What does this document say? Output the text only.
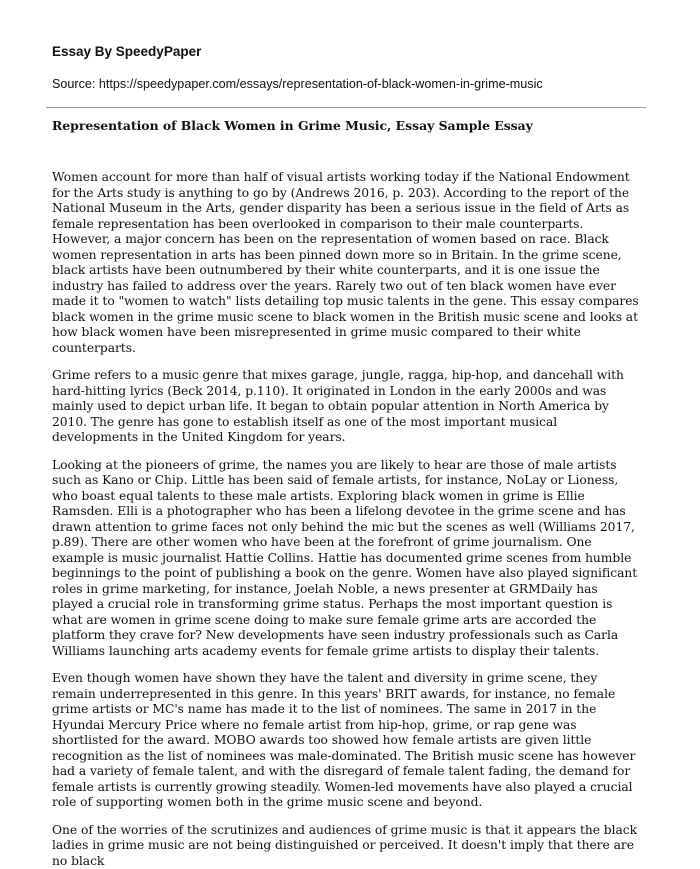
Essay By SpeedyPaper
Source: https://speedypaper.com/essays/representation-of-black-women-in-grime-music
Representation of Black Women in Grime Music, Essay Sample Essay

Women account for more than half of visual artists working today if the National Endowment for the Arts study is anything to go by (Andrews 2016, p. 203). According to the report of the National Museum in the Arts, gender disparity has been a serious issue in the field of Arts as female representation has been overlooked in comparison to their male counterparts. However, a major concern has been on the representation of women based on race. Black women representation in arts has been pinned down more so in Britain. In the grime scene, black artists have been outnumbered by their white counterparts, and it is one issue the industry has failed to address over the years. Rarely two out of ten black women have ever made it to "women to watch" lists detailing top music talents in the gene. This essay compares black women in the grime music scene to black women in the British music scene and looks at how black women have been misrepresented in grime music compared to their white counterparts.

Grime refers to a music genre that mixes garage, jungle, ragga, hip-hop, and dancehall with hard-hitting lyrics (Beck 2014, p.110). It originated in London in the early 2000s and was mainly used to depict urban life. It began to obtain popular attention in North America by 2010. The genre has gone to establish itself as one of the most important musical developments in the United Kingdom for years.

Looking at the pioneers of grime, the names you are likely to hear are those of male artists such as Kano or Chip. Little has been said of female artists, for instance, NoLay or Lioness, who boast equal talents to these male artists. Exploring black women in grime is Ellie Ramsden. Elli is a photographer who has been a lifelong devotee in the grime scene and has drawn attention to grime faces not only behind the mic but the scenes as well (Williams 2017, p.89). There are other women who have been at the forefront of grime journalism. One example is music journalist Hattie Collins. Hattie has documented grime scenes from humble beginnings to the point of publishing a book on the genre. Women have also played significant roles in grime marketing, for instance, Joelah Noble, a news presenter at GRMDaily has played a crucial role in transforming grime status. Perhaps the most important question is what are women in grime scene doing to make sure female grime arts are accorded the platform they crave for? New developments have seen industry professionals such as Carla Williams launching arts academy events for female grime artists to display their talents.

Even though women have shown they have the talent and diversity in grime scene, they remain underrepresented in this genre. In this years' BRIT awards, for instance, no female grime artists or MC's name has made it to the list of nominees. The same in 2017 in the Hyundai Mercury Price where no female artist from hip-hop, grime, or rap gene was shortlisted for the award. MOBO awards too showed how female artists are given little recognition as the list of nominees was male-dominated. The British music scene has however had a variety of female talent, and with the disregard of female talent fading, the demand for female artists is currently growing steadily. Women-led movements have also played a crucial role of supporting women both in the grime music scene and beyond.

One of the worries of the scrutinizes and audiences of grime music is that it appears the black ladies in grime music are not being distinguished or perceived. It doesn't imply that there are no black
